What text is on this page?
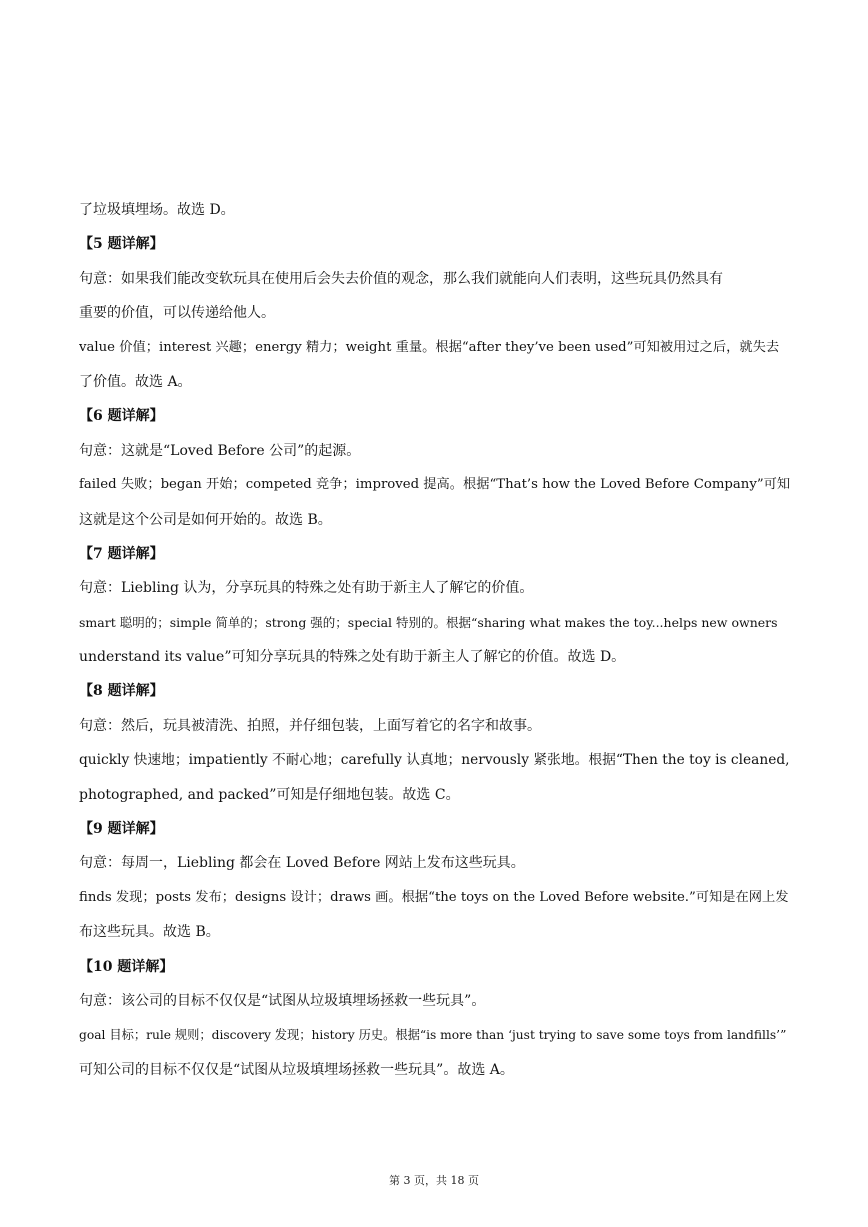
了垃圾填埋场。故选 D。
【5 题详解】
句意：如果我们能改变软玩具在使用后会失去价值的观念，那么我们就能向人们表明，这些玩具仍然具有
重要的价值，可以传递给他人。
value 价值；interest 兴趣；energy 精力；weight 重量。根据“after they’ve been used”可知被用过之后，就失去
了价值。故选 A。
【6 题详解】
句意：这就是“Loved Before 公司”的起源。
failed 失败；began 开始；competed 竞争；improved 提高。根据“That’s how the Loved Before Company”可知
这就是这个公司是如何开始的。故选 B。
【7 题详解】
句意：Liebling 认为，分享玩具的特殊之处有助于新主人了解它的价值。
smart 聪明的；simple 简单的；strong 强的；special 特别的。根据“sharing what makes the toy...helps new owners
understand its value”可知分享玩具的特殊之处有助于新主人了解它的价值。故选 D。
【8 题详解】
句意：然后，玩具被清洗、拍照，并仔细包装，上面写着它的名字和故事。
quickly 快速地；impatiently 不耐心地；carefully 认真地；nervously 紧张地。根据“Then the toy is cleaned,
photographed, and packed”可知是仔细地包装。故选 C。
【9 题详解】
句意：每周一，Liebling 都会在 Loved Before 网站上发布这些玩具。
finds 发现；posts 发布；designs 设计；draws 画。根据“the toys on the Loved Before website.”可知是在网上发
布这些玩具。故选 B。
【10 题详解】
句意：该公司的目标不仅仅是“试图从垃圾填埋场拯救一些玩具”。
goal 目标；rule 规则；discovery 发现；history 历史。根据“is more than ‘just trying to save some toys from landfills’”
可知公司的目标不仅仅是“试图从垃圾填埋场拯救一些玩具”。故选 A。
第 3 页，共 18 页
